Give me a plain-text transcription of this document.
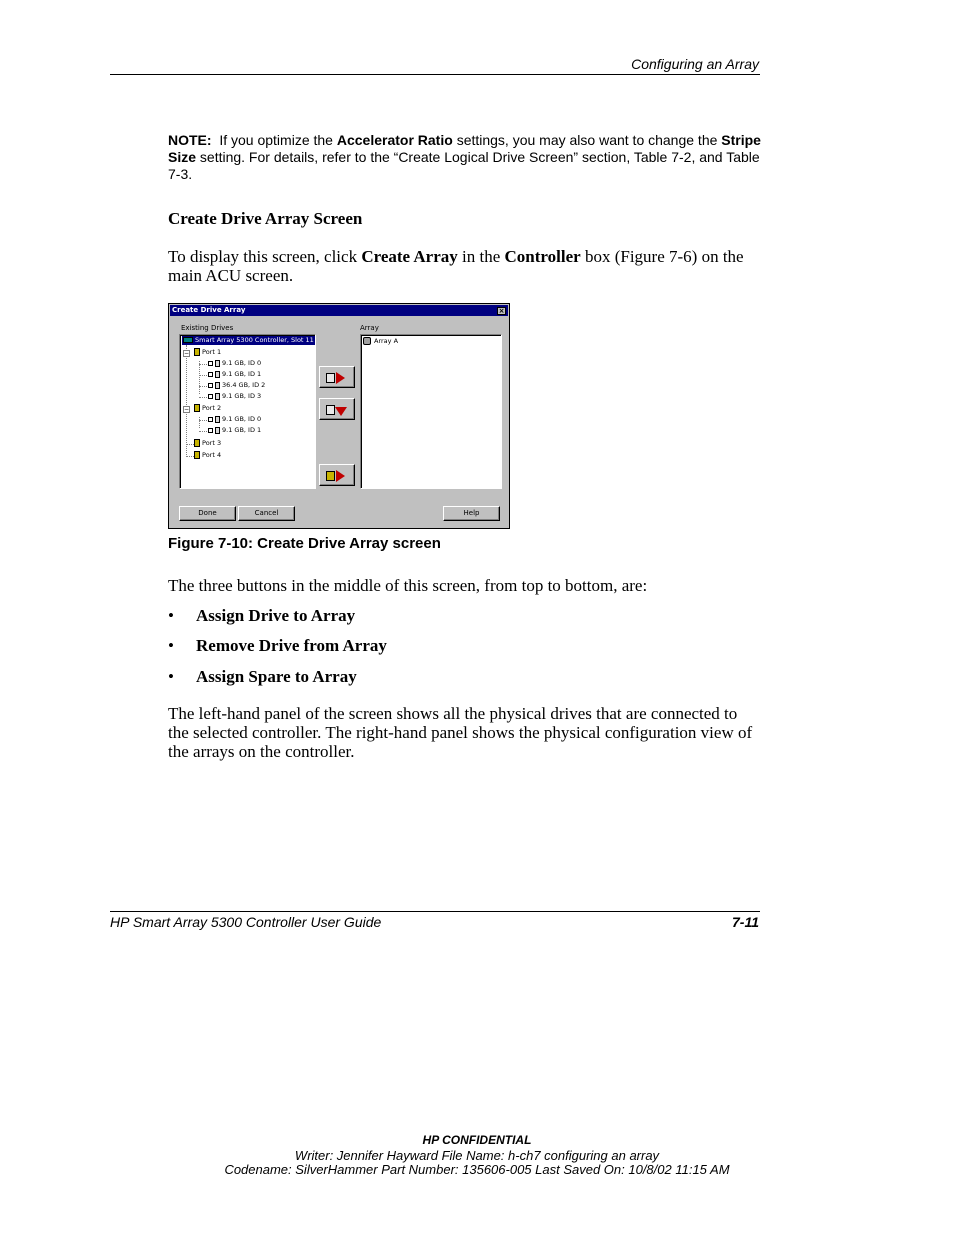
Configuring an Array
NOTE: If you optimize the Accelerator Ratio settings, you may also want to change the Stripe Size setting. For details, refer to the “Create Logical Drive Screen” section, Table 7-2, and Table 7-3.
Create Drive Array Screen
To display this screen, click Create Array in the Controller box (Figure 7-6) on the main ACU screen.
Create Drive Array	×
Existing Drives	Array
Smart Array 5300 Controller, Slot 11
−	Port 1
9.1 GB, ID 0
9.1 GB, ID 1
36.4 GB, ID 2
9.1 GB, ID 3
−	Port 2
9.1 GB, ID 0
9.1 GB, ID 1
Port 3
Port 4
Array A
Done	Cancel	Help
Figure 7-10: Create Drive Array screen
The three buttons in the middle of this screen, from top to bottom, are:
• Assign Drive to Array
• Remove Drive from Array
• Assign Spare to Array
The left-hand panel of the screen shows all the physical drives that are connected to the selected controller. The right-hand panel shows the physical configuration view of the arrays on the controller.
HP Smart Array 5300 Controller User Guide	7-11
HP CONFIDENTIAL
Writer: Jennifer Hayward File Name: h-ch7 configuring an array
Codename: SilverHammer Part Number: 135606-005 Last Saved On: 10/8/02 11:15 AM
